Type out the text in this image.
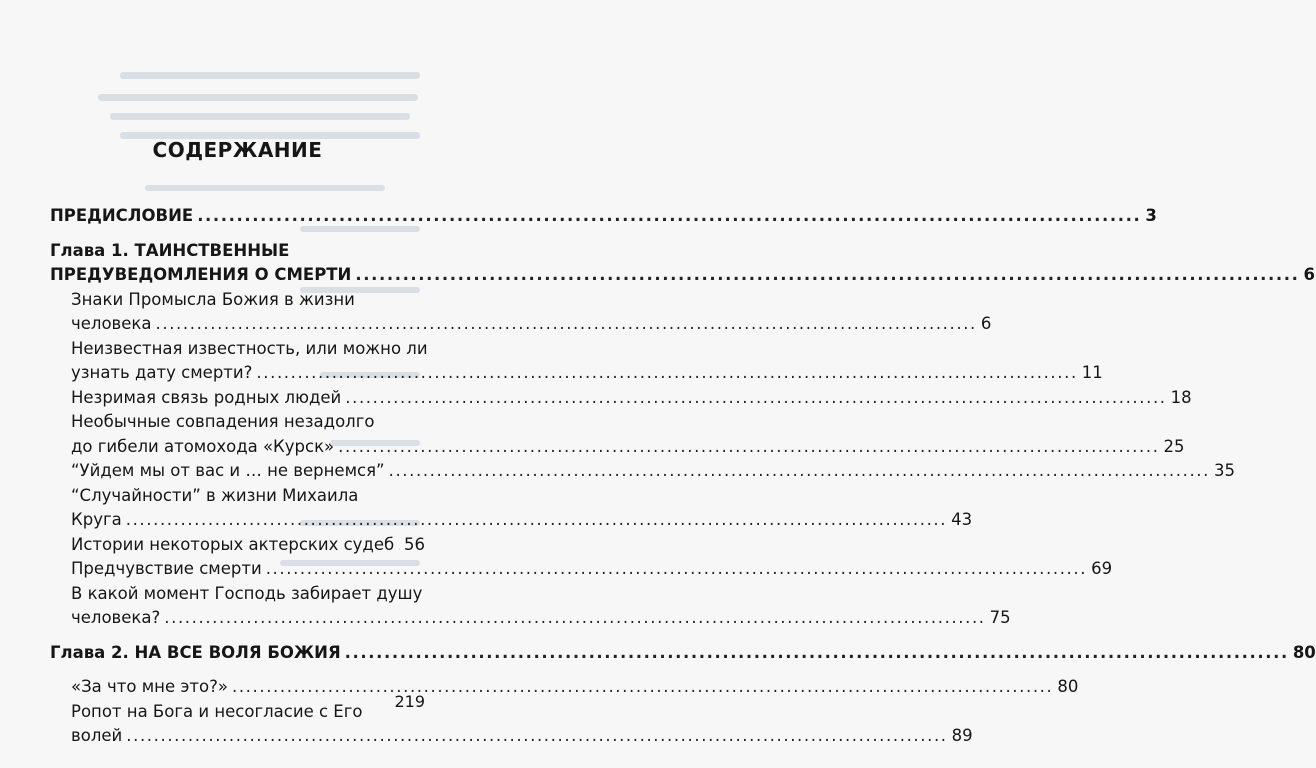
СОДЕРЖАНИЕ
ПРЕДИСЛОВИЕ ........................................................................................................................ 3
Глава 1. ТАИНСТВЕННЫЕ
ПРЕДУВЕДОМЛЕНИЯ О СМЕРТИ ........................................................................................................................ 6
Знаки Промысла Божия в жизни
человека ........................................................................................................................ 6
Неизвестная известность, или можно ли
узнать дату смерти? ........................................................................................................................ 11
Незримая связь родных людей ........................................................................................................................ 18
Необычные совпадения незадолго
до гибели атомохода «Курск» ........................................................................................................................ 25
“Уйдем мы от вас и … не вернемся” ........................................................................................................................ 35
“Случайности” в жизни Михаила
Круга ........................................................................................................................ 43
Истории некоторых актерских судеб 56
Предчувствие смерти ........................................................................................................................ 69
В какой момент Господь забирает душу
человека? ........................................................................................................................ 75
Глава 2. НА ВСЕ ВОЛЯ БОЖИЯ ........................................................................................................................ 80
«За что мне это?» ........................................................................................................................ 80
Ропот на Бога и несогласие с Его
волей ........................................................................................................................ 89
219
